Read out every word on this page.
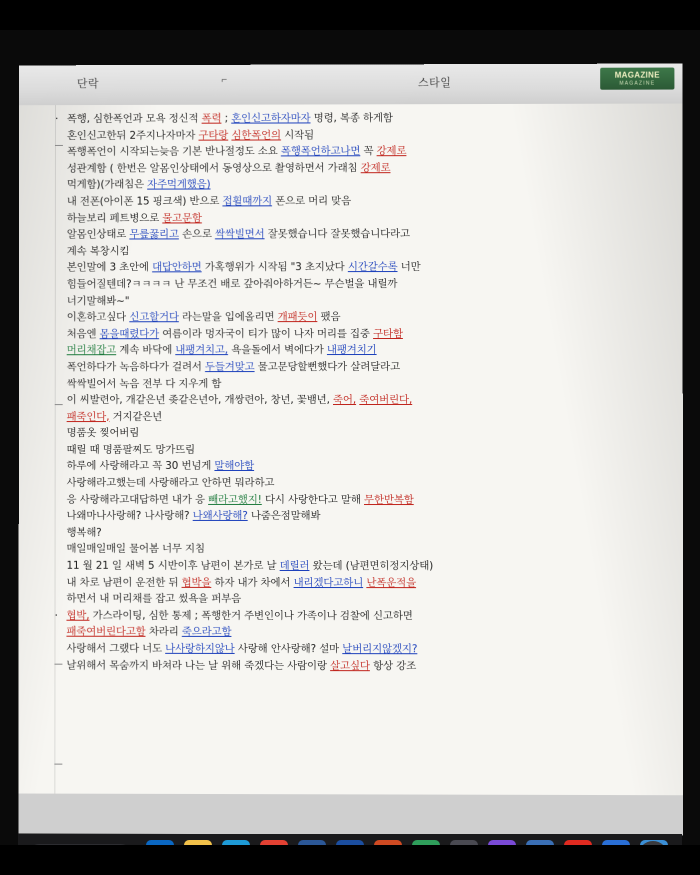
단락	⌐	스타일
MAGAZINE
MAGAZINE
· 폭행, 심한폭언과 모욕 정신적 폭력 ; 혼인신고하자마자 명령, 복종 하게함
혼인신고한뒤 2주지나자마자 구타랑 심한폭언의 시작됨
폭행폭언이 시작되는늦음 기본 반나절정도 소요 폭행폭언하고나면 꼭 강제로
성관계함 ( 한번은 알몸인상태에서 동영상으로 촬영하면서 가래침 강제로
먹게함)(가래침은 자주먹게했음)
내 전폰(아이폰 15 핑크색) 반으로 접휠때까지 폰으로 머리 맞음
하늘보리 페트병으로 물고문함
알몸인상태로 무릎꿇리고 손으로 싹싹빌면서 잘못했습니다 잘못했습니다라고
계속 복창시킴
본인말에 3 초안에 대답안하면 가혹행위가 시작됨 "3 초지났다 시간갈수록 너만
힘들어질텐데?ㅋㅋㅋㅋ 난 무조건 배로 갚아줘아하거든~ 무슨벌을 내릴까
너기말해봐~"
이혼하고싶다 신고할거다 라는말을 입에올리면 개패듯이 팼음
처음엔 몸을때렸다가 여름이라 멍자국이 티가 많이 나자 머리를 집중 구타함
머리채잡고 계속 바닥에 내팽겨치고, 욕을돌에서 벽에다가 내팽겨치기
폭언하다가 녹음하다가 걸려서 두들겨맞고 물고문당할뻔했다가 살려달라고
싹싹빌어서 녹음 전부 다 지우게 함
이 씨발련아, 개같은년 좆같은년아, 개쌍련아, 창년, 꽃뱀년, 죽어, 죽여버린다,
패죽인다, 거지같은년
명품옷 찢어버림
때릴 때 명품팔찌도 망가뜨림
하루에 사랑해라고 꼭 30 번넘게 말해야함
사랑해라고했는데 사랑해라고 안하면 뭐라하고
응 사랑해라고대답하면 내가 응 빼라고했지! 다시 사랑한다고 말해 무한반복함
나왜마나사랑해? 나사랑해? 나왜사랑해? 나줌은점말해봐
행복해?
매일매일매일 물어봄 너무 지침
11 월 21 일 새벽 5 시반이후 남편이 본가로 날 데릴러 왔는데 (남편면히정지상태)
내 차로 남편이 운전한 뒤 협박을 하자 내가 차에서 내리겠다고하니 난폭운적을
하면서 내 머리채를 잡고 썼욕을 퍼부음
· 협박, 가스라이팅, 심한 통제 ; 폭행한거 주변인이나 가족이나 검찰에 신고하면
패죽여버린다고함 차라리 죽으라고함
사랑해서 그랬다 너도 나사랑하지않나 사랑해 안사랑해? 설마 날버리지않겠지?
날위해서 목숨까지 바쳐라 나는 날 위해 죽겠다는 사람이랑 살고싶다 항상 강조
